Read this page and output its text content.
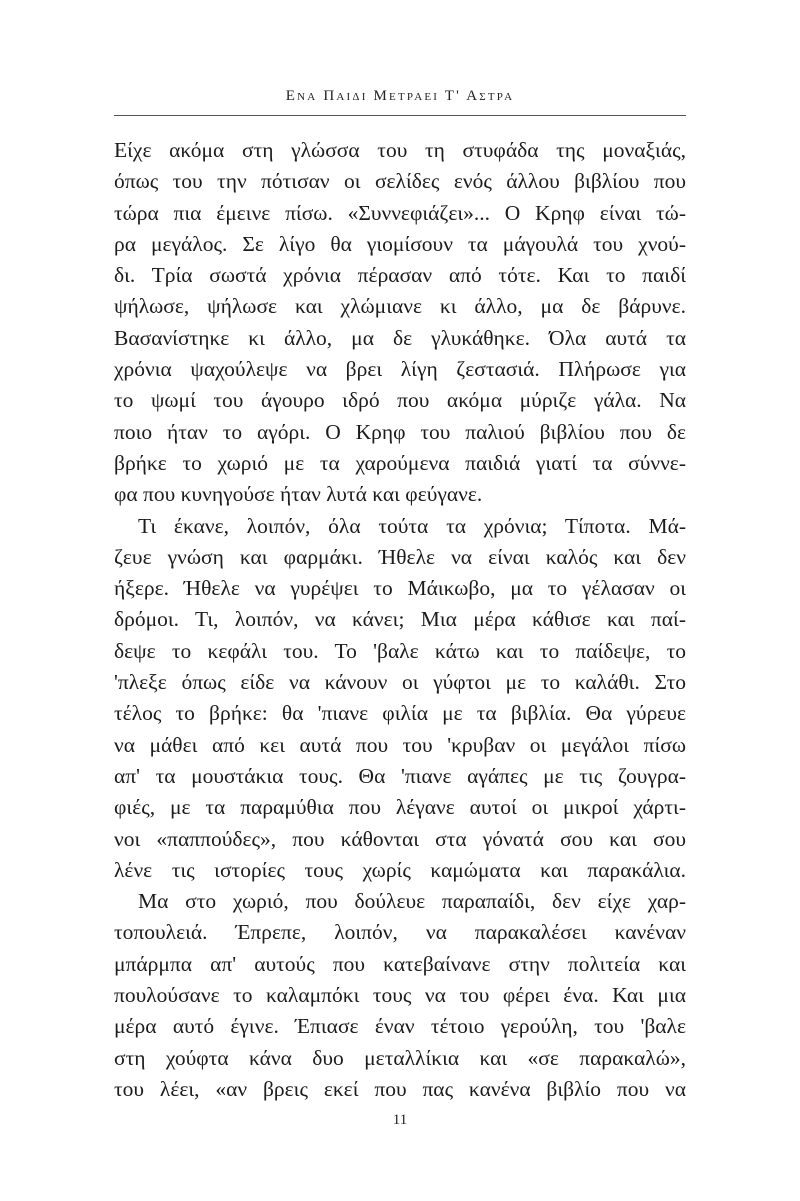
Ενα Παιδι Μετραει Τ' Αστρα
Είχε ακόμα στη γλώσσα του τη στυφάδα της μοναξιάς,
όπως του την πότισαν οι σελίδες ενός άλλου βιβλίου που
τώρα πια έμεινε πίσω. «Συννεφιάζει»... Ο Κρηφ είναι τώ-
ρα μεγάλος. Σε λίγο θα γιομίσουν τα μάγουλά του χνού-
δι. Τρία σωστά χρόνια πέρασαν από τότε. Και το παιδί
ψήλωσε, ψήλωσε και χλώμιανε κι άλλο, μα δε βάρυνε.
Βασανίστηκε κι άλλο, μα δε γλυκάθηκε. Όλα αυτά τα
χρόνια ψαχούλεψε να βρει λίγη ζεστασιά. Πλήρωσε για
το ψωμί του άγουρο ιδρό που ακόμα μύριζε γάλα. Να
ποιο ήταν το αγόρι. Ο Κρηφ του παλιού βιβλίου που δε
βρήκε το χωριό με τα χαρούμενα παιδιά γιατί τα σύννε-
φα που κυνηγούσε ήταν λυτά και φεύγανε.
Τι έκανε, λοιπόν, όλα τούτα τα χρόνια; Τίποτα. Μά-
ζευε γνώση και φαρμάκι. Ήθελε να είναι καλός και δεν
ήξερε. Ήθελε να γυρέψει το Μάικωβο, μα το γέλασαν οι
δρόμοι. Τι, λοιπόν, να κάνει; Μια μέρα κάθισε και παί-
δεψε το κεφάλι του. Το 'βαλε κάτω και το παίδεψε, το
'πλεξε όπως είδε να κάνουν οι γύφτοι με το καλάθι. Στο
τέλος το βρήκε: θα 'πιανε φιλία με τα βιβλία. Θα γύρευε
να μάθει από κει αυτά που του 'κρυβαν οι μεγάλοι πίσω
απ' τα μουστάκια τους. Θα 'πιανε αγάπες με τις ζουγρα-
φιές, με τα παραμύθια που λέγανε αυτοί οι μικροί χάρτι-
νοι «παππούδες», που κάθονται στα γόνατά σου και σου
λένε τις ιστορίες τους χωρίς καμώματα και παρακάλια.
Μα στο χωριό, που δούλευε παραπαίδι, δεν είχε χαρ-
τοπουλειά. Έπρεπε, λοιπόν, να παρακαλέσει κανέναν
μπάρμπα απ' αυτούς που κατεβαίνανε στην πολιτεία και
πουλούσανε το καλαμπόκι τους να του φέρει ένα. Και μια
μέρα αυτό έγινε. Έπιασε έναν τέτοιο γερούλη, του 'βαλε
στη χούφτα κάνα δυο μεταλλίκια και «σε παρακαλώ»,
του λέει, «αν βρεις εκεί που πας κανένα βιβλίο που να
11
